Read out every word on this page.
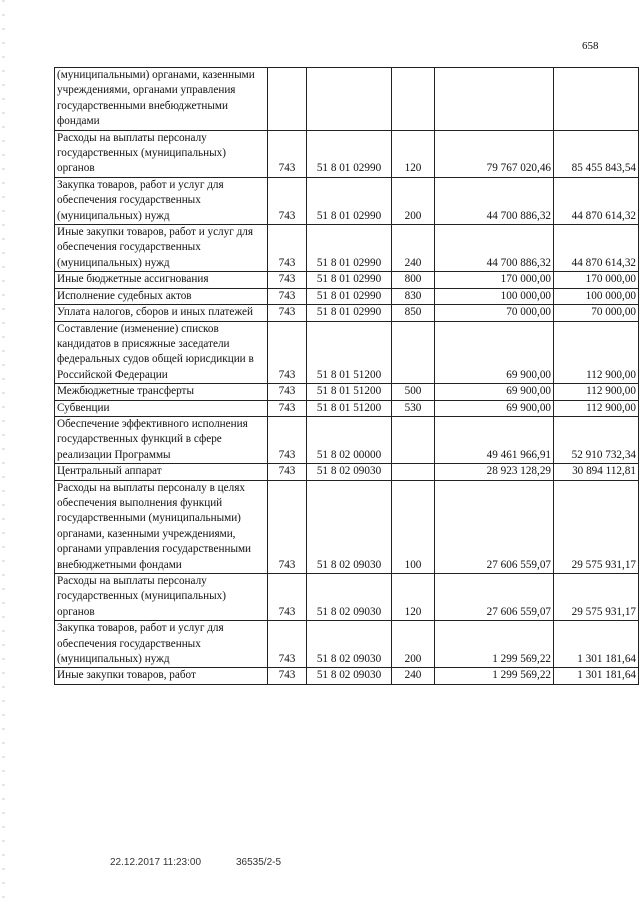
658
(муниципальными) органами, казенными учреждениями, органами управления государственными внебюджетными фондами					
Расходы на выплаты персоналу государственных (муниципальных) органов	743	51 8 01 02990	120	79 767 020,46	85 455 843,54
Закупка товаров, работ и услуг для обеспечения государственных (муниципальных) нужд	743	51 8 01 02990	200	44 700 886,32	44 870 614,32
Иные закупки товаров, работ и услуг для обеспечения государственных (муниципальных) нужд	743	51 8 01 02990	240	44 700 886,32	44 870 614,32
Иные бюджетные ассигнования	743	51 8 01 02990	800	170 000,00	170 000,00
Исполнение судебных актов	743	51 8 01 02990	830	100 000,00	100 000,00
Уплата налогов, сборов и иных платежей	743	51 8 01 02990	850	70 000,00	70 000,00
Составление (изменение) списков кандидатов в присяжные заседатели федеральных судов общей юрисдикции в Российской Федерации	743	51 8 01 51200		69 900,00	112 900,00
Межбюджетные трансферты	743	51 8 01 51200	500	69 900,00	112 900,00
Субвенции	743	51 8 01 51200	530	69 900,00	112 900,00
Обеспечение эффективного исполнения государственных функций в сфере реализации Программы	743	51 8 02 00000		49 461 966,91	52 910 732,34
Центральный аппарат	743	51 8 02 09030		28 923 128,29	30 894 112,81
Расходы на выплаты персоналу в целях обеспечения выполнения функций государственными (муниципальными) органами, казенными учреждениями, органами управления государственными внебюджетными фондами	743	51 8 02 09030	100	27 606 559,07	29 575 931,17
Расходы на выплаты персоналу государственных (муниципальных) органов	743	51 8 02 09030	120	27 606 559,07	29 575 931,17
Закупка товаров, работ и услуг для обеспечения государственных (муниципальных) нужд	743	51 8 02 09030	200	1 299 569,22	1 301 181,64
Иные закупки товаров, работ	743	51 8 02 09030	240	1 299 569,22	1 301 181,64
22.12.2017 11:23:00	36535/2-5
